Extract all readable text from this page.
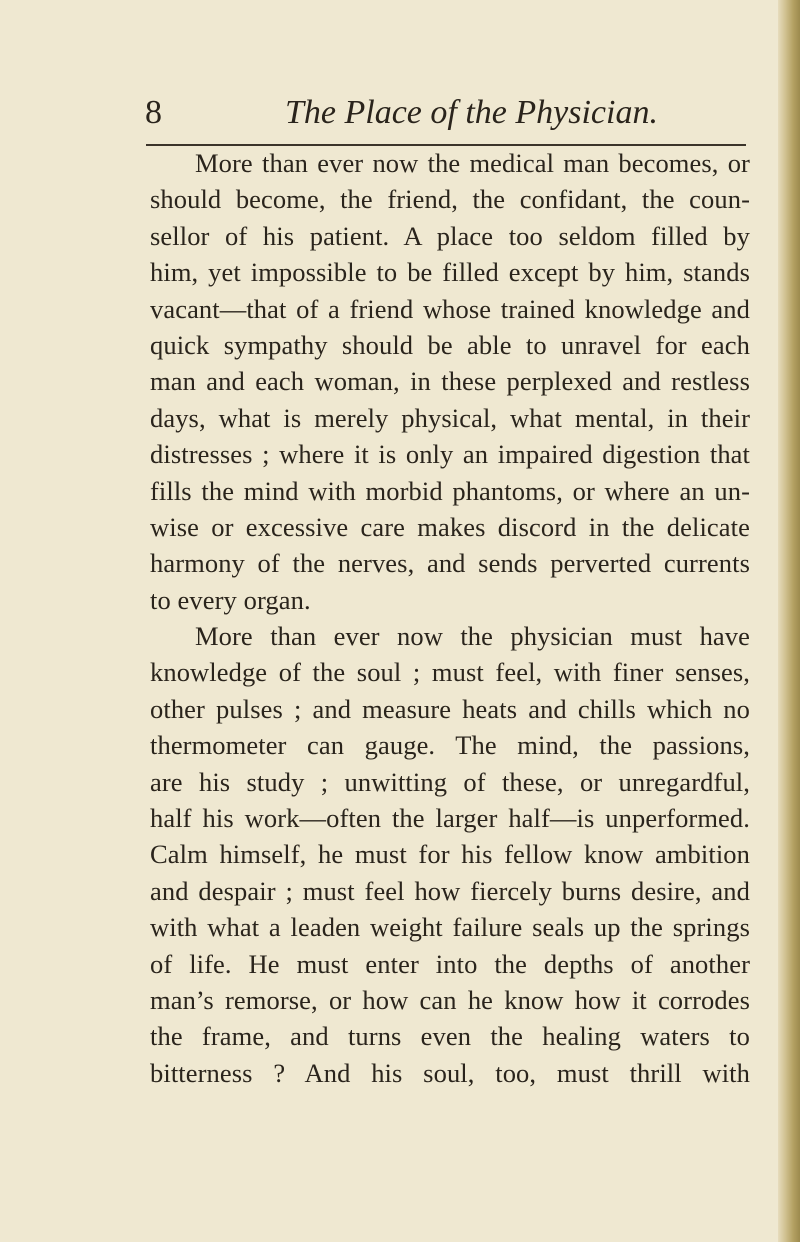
8	The Place of the Physician.
More than ever now the medical man becomes, or
should become, the friend, the confidant, the coun-
sellor of his patient. A place too seldom filled by
him, yet impossible to be filled except by him, stands
vacant—that of a friend whose trained knowledge and
quick sympathy should be able to unravel for each
man and each woman, in these perplexed and restless
days, what is merely physical, what mental, in their
distresses ; where it is only an impaired digestion that
fills the mind with morbid phantoms, or where an un-
wise or excessive care makes discord in the delicate
harmony of the nerves, and sends perverted currents
to every organ.
More than ever now the physician must have
knowledge of the soul ; must feel, with finer senses,
other pulses ; and measure heats and chills which no
thermometer can gauge. The mind, the passions,
are his study ; unwitting of these, or unregardful,
half his work—often the larger half—is unperformed.
Calm himself, he must for his fellow know ambition
and despair ; must feel how fiercely burns desire, and
with what a leaden weight failure seals up the springs
of life. He must enter into the depths of another
man’s remorse, or how can he know how it corrodes
the frame, and turns even the healing waters to
bitterness ? And his soul, too, must thrill with
